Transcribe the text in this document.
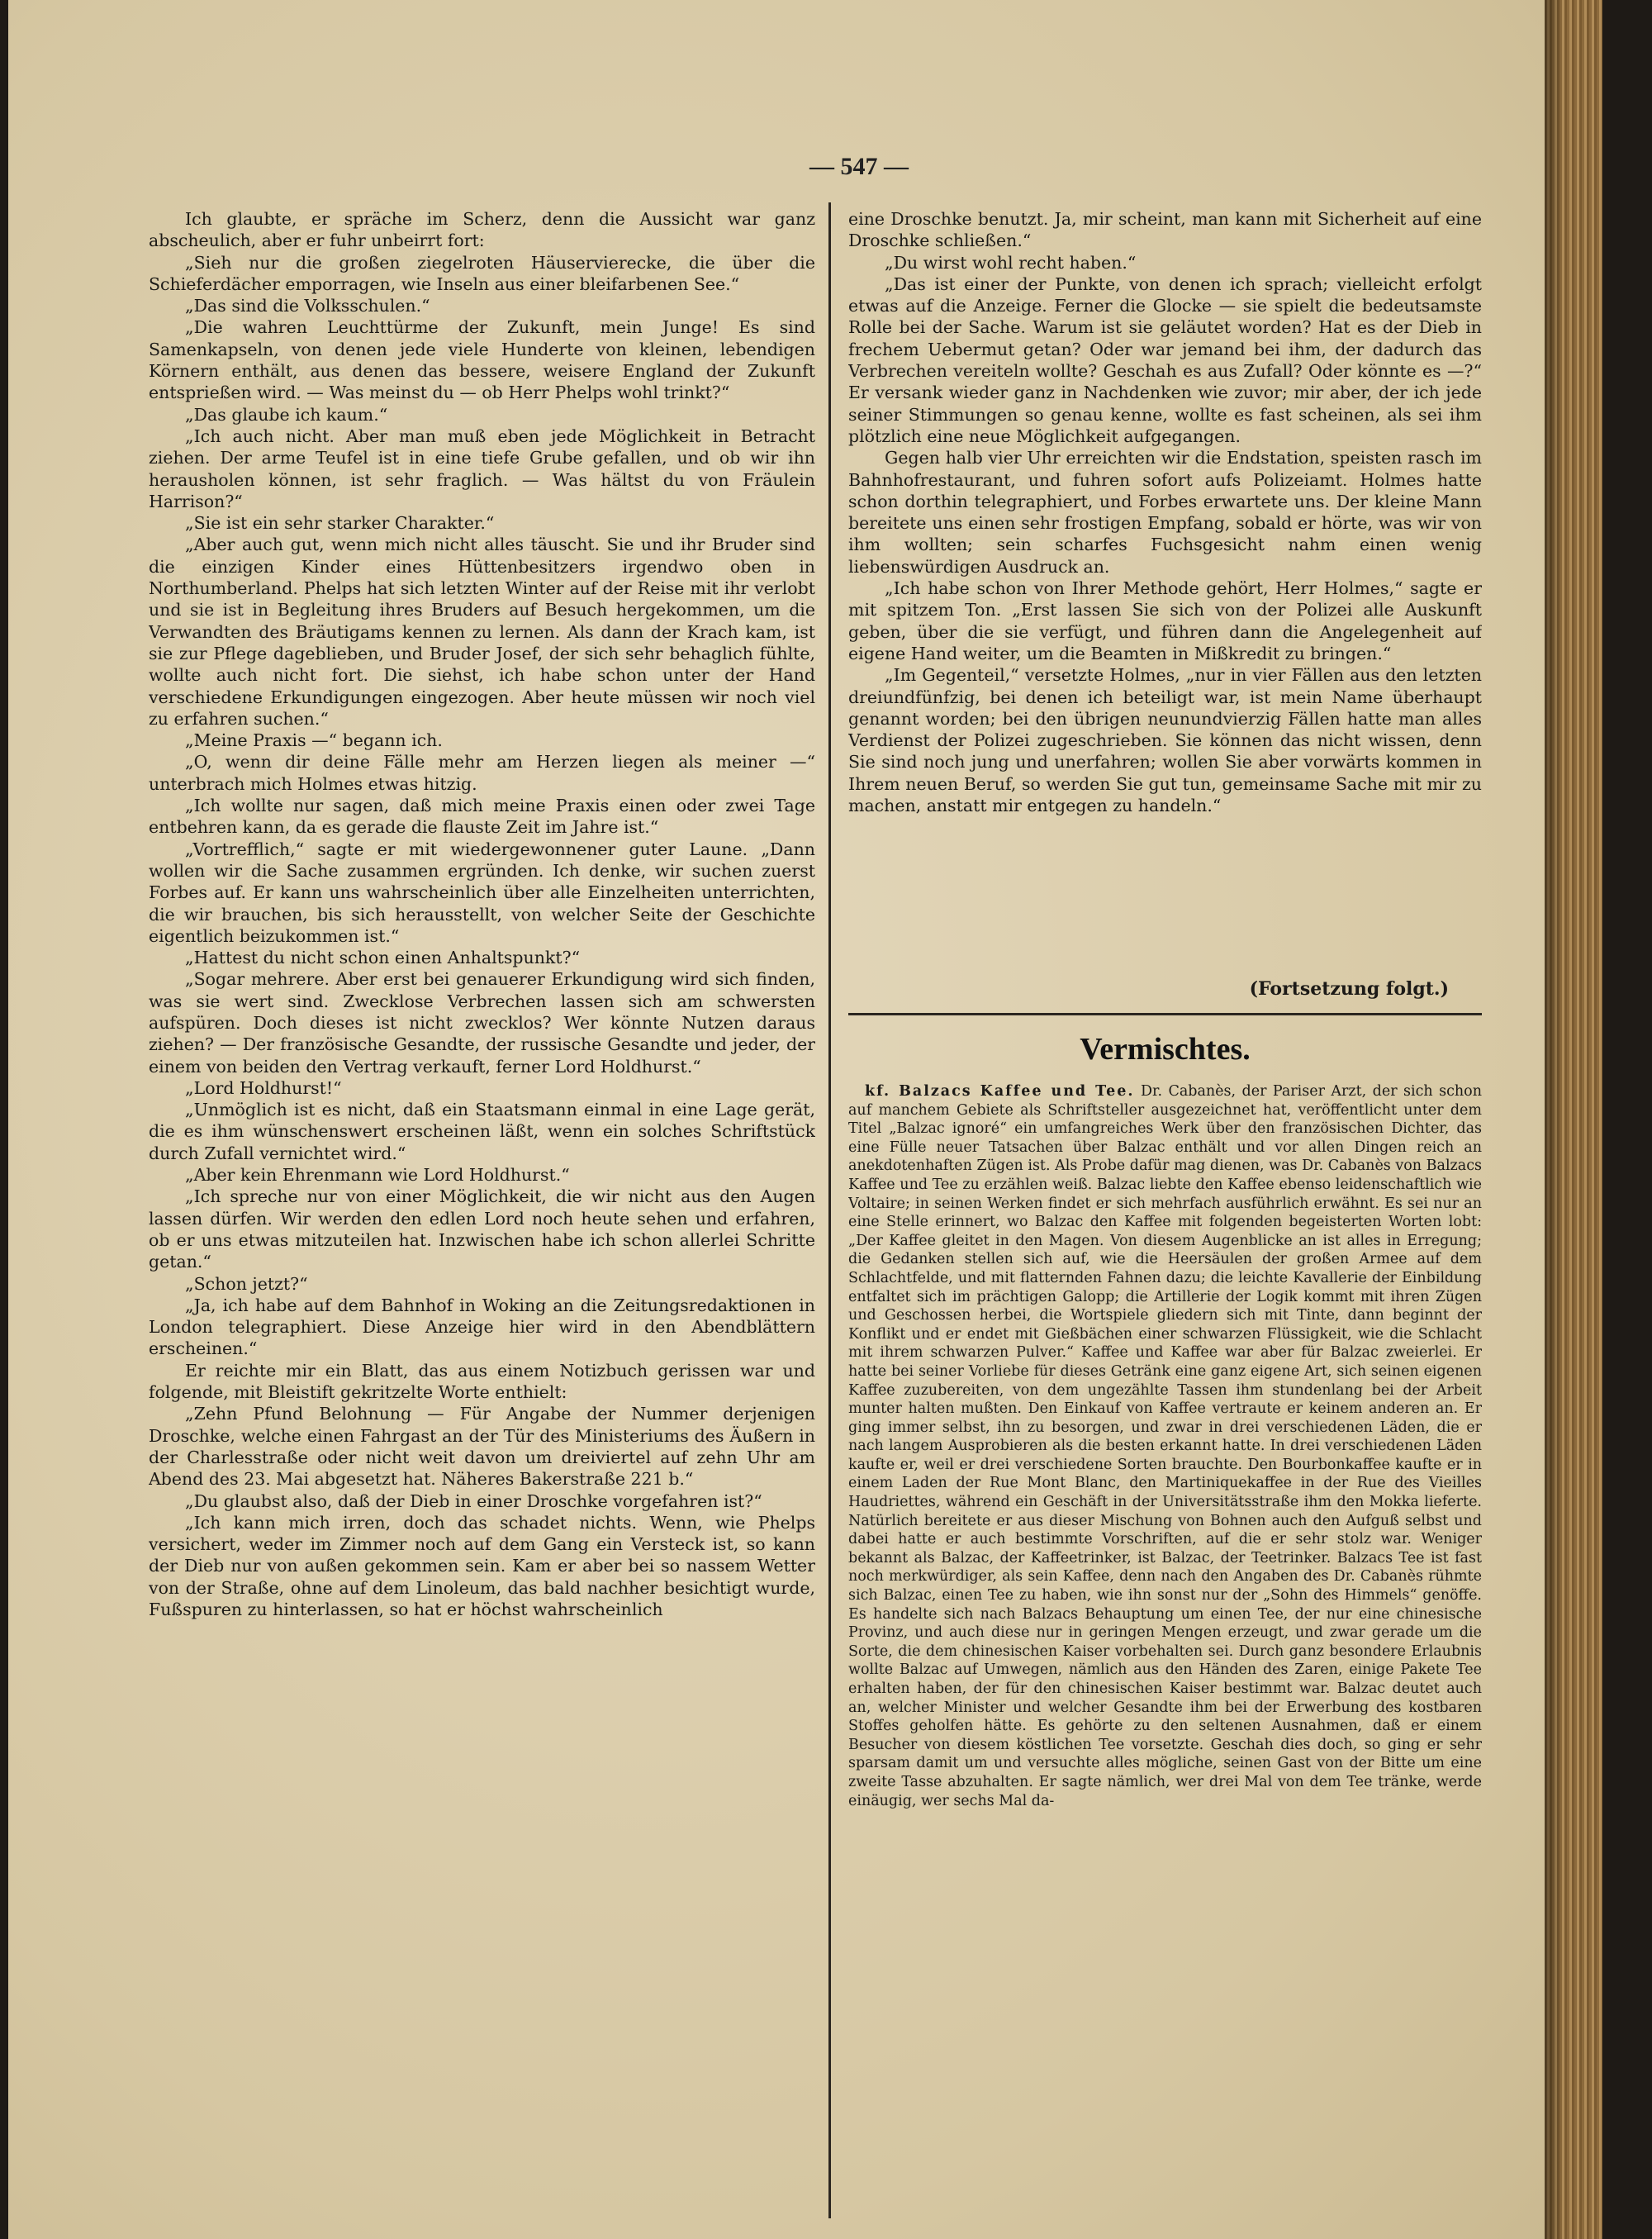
— 547 —

Ich glaubte, er spräche im Scherz, denn die Aussicht war ganz abscheulich, aber er fuhr unbeirrt fort:

„Sieh nur die großen ziegelroten Häuservierecke, die über die Schieferdächer emporragen, wie Inseln aus einer bleifarbenen See.“

„Das sind die Volksschulen.“

„Die wahren Leuchttürme der Zukunft, mein Junge! Es sind Samenkapseln, von denen jede viele Hunderte von kleinen, lebendigen Körnern enthält, aus denen das bessere, weisere England der Zukunft entsprießen wird. — Was meinst du — ob Herr Phelps wohl trinkt?“

„Das glaube ich kaum.“

„Ich auch nicht. Aber man muß eben jede Möglichkeit in Betracht ziehen. Der arme Teufel ist in eine tiefe Grube gefallen, und ob wir ihn herausholen können, ist sehr fraglich. — Was hältst du von Fräulein Harrison?“

„Sie ist ein sehr starker Charakter.“

„Aber auch gut, wenn mich nicht alles täuscht. Sie und ihr Bruder sind die einzigen Kinder eines Hüttenbesitzers irgendwo oben in Northumberland. Phelps hat sich letzten Winter auf der Reise mit ihr verlobt und sie ist in Begleitung ihres Bruders auf Besuch hergekommen, um die Verwandten des Bräutigams kennen zu lernen. Als dann der Krach kam, ist sie zur Pflege dageblieben, und Bruder Josef, der sich sehr behaglich fühlte, wollte auch nicht fort. Die siehst, ich habe schon unter der Hand verschiedene Erkundigungen eingezogen. Aber heute müssen wir noch viel zu erfahren suchen.“

„Meine Praxis —“ begann ich.

„O, wenn dir deine Fälle mehr am Herzen liegen als meiner —“ unterbrach mich Holmes etwas hitzig.

„Ich wollte nur sagen, daß mich meine Praxis einen oder zwei Tage entbehren kann, da es gerade die flauste Zeit im Jahre ist.“

„Vortrefflich,“ sagte er mit wiedergewonnener guter Laune. „Dann wollen wir die Sache zusammen ergründen. Ich denke, wir suchen zuerst Forbes auf. Er kann uns wahrscheinlich über alle Einzelheiten unterrichten, die wir brauchen, bis sich herausstellt, von welcher Seite der Geschichte eigentlich beizukommen ist.“

„Hattest du nicht schon einen Anhaltspunkt?“

„Sogar mehrere. Aber erst bei genauerer Erkundigung wird sich finden, was sie wert sind. Zwecklose Verbrechen lassen sich am schwersten aufspüren. Doch dieses ist nicht zwecklos? Wer könnte Nutzen daraus ziehen? — Der französische Gesandte, der russische Gesandte und jeder, der einem von beiden den Vertrag verkauft, ferner Lord Holdhurst.“

„Lord Holdhurst!“

„Unmöglich ist es nicht, daß ein Staatsmann einmal in eine Lage gerät, die es ihm wünschenswert erscheinen läßt, wenn ein solches Schriftstück durch Zufall vernichtet wird.“

„Aber kein Ehrenmann wie Lord Holdhurst.“

„Ich spreche nur von einer Möglichkeit, die wir nicht aus den Augen lassen dürfen. Wir werden den edlen Lord noch heute sehen und erfahren, ob er uns etwas mitzuteilen hat. Inzwischen habe ich schon allerlei Schritte getan.“

„Schon jetzt?“

„Ja, ich habe auf dem Bahnhof in Woking an die Zeitungsredaktionen in London telegraphiert. Diese Anzeige hier wird in den Abendblättern erscheinen.“

Er reichte mir ein Blatt, das aus einem Notizbuch gerissen war und folgende, mit Bleistift gekritzelte Worte enthielt:

„Zehn Pfund Belohnung — Für Angabe der Nummer derjenigen Droschke, welche einen Fahrgast an der Tür des Ministeriums des Äußern in der Charlesstraße oder nicht weit davon um dreiviertel auf zehn Uhr am Abend des 23. Mai abgesetzt hat. Näheres Bakerstraße 221 b.“

„Du glaubst also, daß der Dieb in einer Droschke vorgefahren ist?“

„Ich kann mich irren, doch das schadet nichts. Wenn, wie Phelps versichert, weder im Zimmer noch auf dem Gang ein Versteck ist, so kann der Dieb nur von außen gekommen sein. Kam er aber bei so nassem Wetter von der Straße, ohne auf dem Linoleum, das bald nachher besichtigt wurde, Fußspuren zu hinterlassen, so hat er höchst wahrscheinlich

eine Droschke benutzt. Ja, mir scheint, man kann mit Sicherheit auf eine Droschke schließen.“

„Du wirst wohl recht haben.“

„Das ist einer der Punkte, von denen ich sprach; vielleicht erfolgt etwas auf die Anzeige. Ferner die Glocke — sie spielt die bedeutsamste Rolle bei der Sache. Warum ist sie geläutet worden? Hat es der Dieb in frechem Uebermut getan? Oder war jemand bei ihm, der dadurch das Verbrechen vereiteln wollte? Geschah es aus Zufall? Oder könnte es —?“ Er versank wieder ganz in Nachdenken wie zuvor; mir aber, der ich jede seiner Stimmungen so genau kenne, wollte es fast scheinen, als sei ihm plötzlich eine neue Möglichkeit aufgegangen.

Gegen halb vier Uhr erreichten wir die Endstation, speisten rasch im Bahnhofrestaurant, und fuhren sofort aufs Polizeiamt. Holmes hatte schon dorthin telegraphiert, und Forbes erwartete uns. Der kleine Mann bereitete uns einen sehr frostigen Empfang, sobald er hörte, was wir von ihm wollten; sein scharfes Fuchsgesicht nahm einen wenig liebenswürdigen Ausdruck an.

„Ich habe schon von Ihrer Methode gehört, Herr Holmes,“ sagte er mit spitzem Ton. „Erst lassen Sie sich von der Polizei alle Auskunft geben, über die sie verfügt, und führen dann die Angelegenheit auf eigene Hand weiter, um die Beamten in Mißkredit zu bringen.“

„Im Gegenteil,“ versetzte Holmes, „nur in vier Fällen aus den letzten dreiundfünfzig, bei denen ich beteiligt war, ist mein Name überhaupt genannt worden; bei den übrigen neunundvierzig Fällen hatte man alles Verdienst der Polizei zugeschrieben. Sie können das nicht wissen, denn Sie sind noch jung und unerfahren; wollen Sie aber vorwärts kommen in Ihrem neuen Beruf, so werden Sie gut tun, gemeinsame Sache mit mir zu machen, anstatt mir entgegen zu handeln.“

(Fortsetzung folgt.)
Vermischtes.

kf. Balzacs Kaffee und Tee. Dr. Cabanès, der Pariser Arzt, der sich schon auf manchem Gebiete als Schriftsteller ausgezeichnet hat, veröffentlicht unter dem Titel „Balzac ignoré“ ein umfangreiches Werk über den französischen Dichter, das eine Fülle neuer Tatsachen über Balzac enthält und vor allen Dingen reich an anekdotenhaften Zügen ist. Als Probe dafür mag dienen, was Dr. Cabanès von Balzacs Kaffee und Tee zu erzählen weiß. Balzac liebte den Kaffee ebenso leidenschaftlich wie Voltaire; in seinen Werken findet er sich mehrfach ausführlich erwähnt. Es sei nur an eine Stelle erinnert, wo Balzac den Kaffee mit folgenden begeisterten Worten lobt: „Der Kaffee gleitet in den Magen. Von diesem Augenblicke an ist alles in Erregung; die Gedanken stellen sich auf, wie die Heersäulen der großen Armee auf dem Schlachtfelde, und mit flatternden Fahnen dazu; die leichte Kavallerie der Einbildung entfaltet sich im prächtigen Galopp; die Artillerie der Logik kommt mit ihren Zügen und Geschossen herbei, die Wortspiele gliedern sich mit Tinte, dann beginnt der Konflikt und er endet mit Gießbächen einer schwarzen Flüssigkeit, wie die Schlacht mit ihrem schwarzen Pulver.“ Kaffee und Kaffee war aber für Balzac zweierlei. Er hatte bei seiner Vorliebe für dieses Getränk eine ganz eigene Art, sich seinen eigenen Kaffee zuzubereiten, von dem ungezählte Tassen ihm stundenlang bei der Arbeit munter halten mußten. Den Einkauf von Kaffee vertraute er keinem anderen an. Er ging immer selbst, ihn zu besorgen, und zwar in drei verschiedenen Läden, die er nach langem Ausprobieren als die besten erkannt hatte. In drei verschiedenen Läden kaufte er, weil er drei verschiedene Sorten brauchte. Den Bourbonkaffee kaufte er in einem Laden der Rue Mont Blanc, den Martiniquekaffee in der Rue des Vieilles Haudriettes, während ein Geschäft in der Universitätsstraße ihm den Mokka lieferte. Natürlich bereitete er aus dieser Mischung von Bohnen auch den Aufguß selbst und dabei hatte er auch bestimmte Vorschriften, auf die er sehr stolz war. Weniger bekannt als Balzac, der Kaffeetrinker, ist Balzac, der Teetrinker. Balzacs Tee ist fast noch merkwürdiger, als sein Kaffee, denn nach den Angaben des Dr. Cabanès rühmte sich Balzac, einen Tee zu haben, wie ihn sonst nur der „Sohn des Himmels“ genöffe. Es handelte sich nach Balzacs Behauptung um einen Tee, der nur eine chinesische Provinz, und auch diese nur in geringen Mengen erzeugt, und zwar gerade um die Sorte, die dem chinesischen Kaiser vorbehalten sei. Durch ganz besondere Erlaubnis wollte Balzac auf Umwegen, nämlich aus den Händen des Zaren, einige Pakete Tee erhalten haben, der für den chinesischen Kaiser bestimmt war. Balzac deutet auch an, welcher Minister und welcher Gesandte ihm bei der Erwerbung des kostbaren Stoffes geholfen hätte. Es gehörte zu den seltenen Ausnahmen, daß er einem Besucher von diesem köstlichen Tee vorsetzte. Geschah dies doch, so ging er sehr sparsam damit um und versuchte alles mögliche, seinen Gast von der Bitte um eine zweite Tasse abzuhalten. Er sagte nämlich, wer drei Mal von dem Tee tränke, werde einäugig, wer sechs Mal da-
